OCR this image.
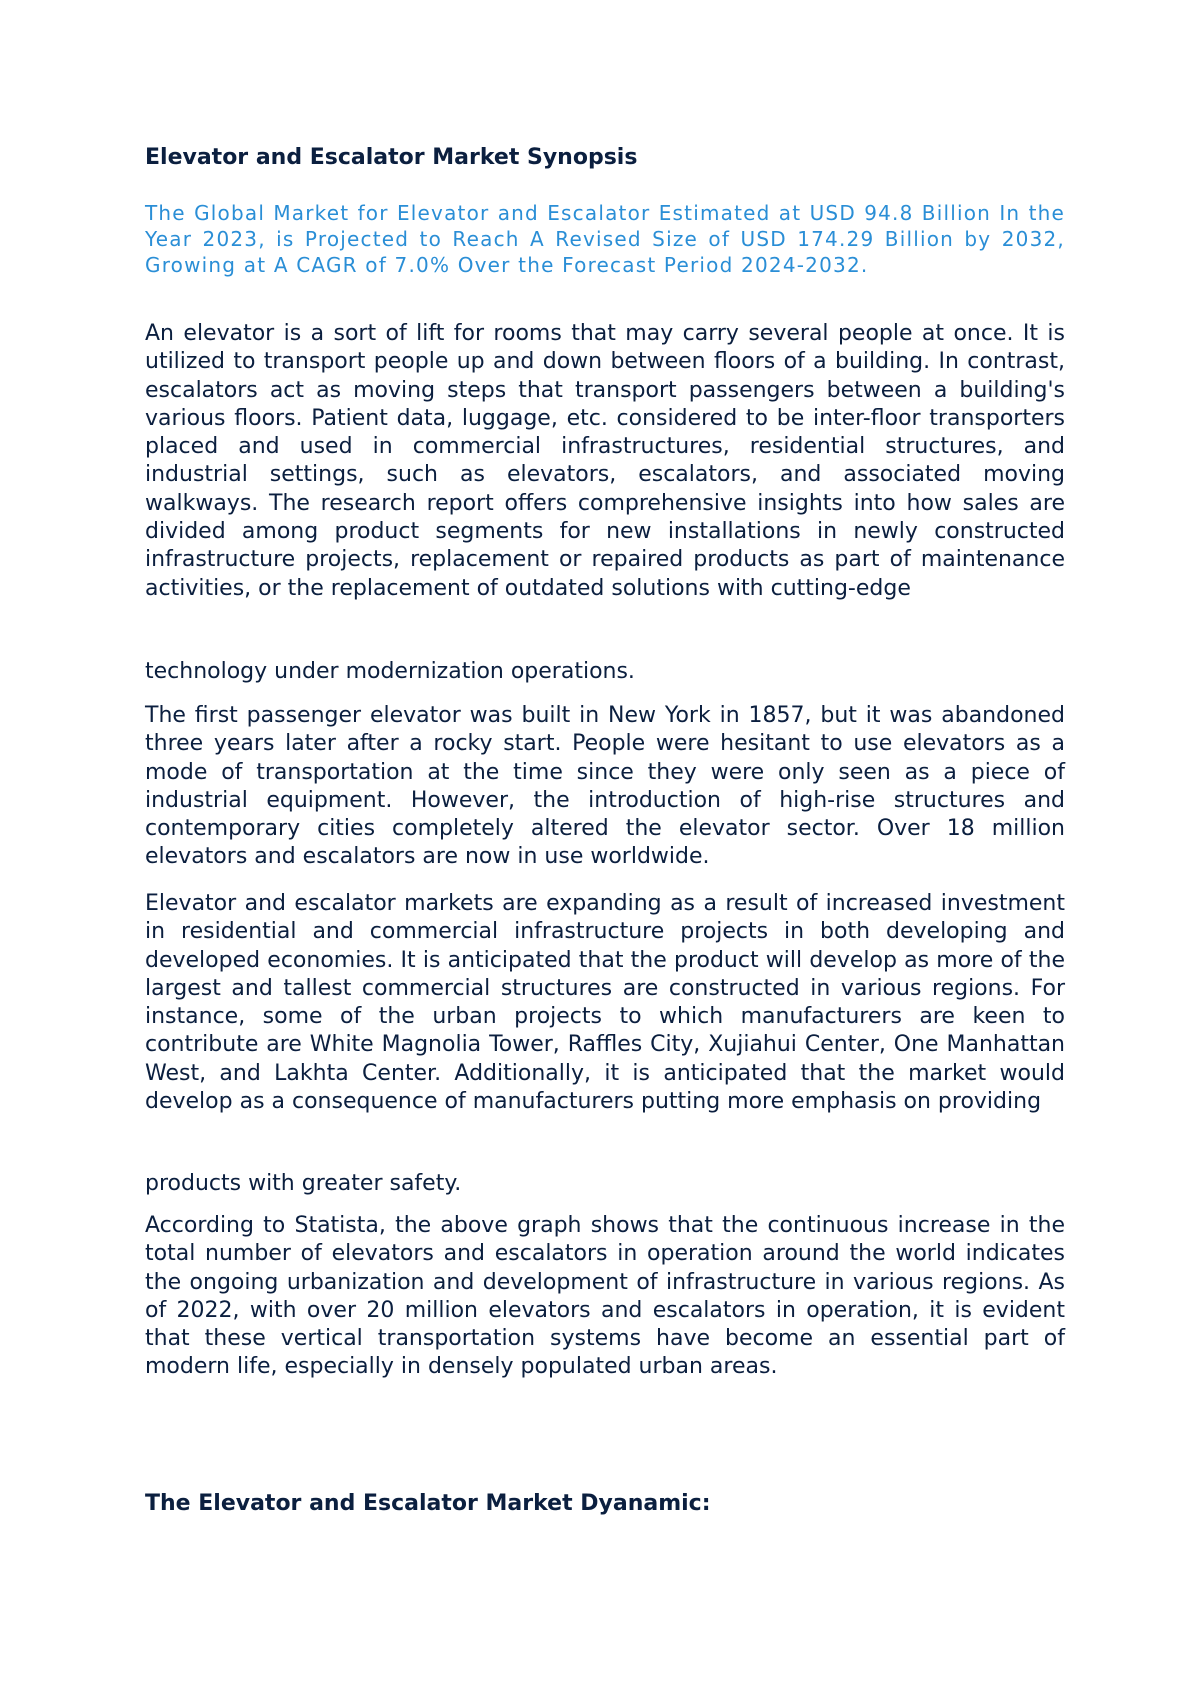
Elevator and Escalator Market Synopsis

The Global Market for Elevator and Escalator Estimated at USD 94.8 Billion In the Year 2023, is Projected to Reach A Revised Size of USD 174.29 Billion by 2032, Growing at A CAGR of 7.0% Over the Forecast Period 2024-2032.

An elevator is a sort of lift for rooms that may carry several people at once. It is utilized to transport people up and down between floors of a building. In contrast, escalators act as moving steps that transport passengers between a building's various floors. Patient data, luggage, etc. considered to be inter-floor transporters placed and used in commercial infrastructures, residential structures, and industrial settings, such as elevators, escalators, and associated moving walkways. The research report offers comprehensive insights into how sales are divided among product segments for new installations in newly constructed infrastructure projects, replacement or repaired products as part of maintenance activities, or the replacement of outdated solutions with cutting-edge

technology under modernization operations.

The first passenger elevator was built in New York in 1857, but it was abandoned three years later after a rocky start. People were hesitant to use elevators as a mode of transportation at the time since they were only seen as a piece of industrial equipment. However, the introduction of high-rise structures and contemporary cities completely altered the elevator sector. Over 18 million elevators and escalators are now in use worldwide.

Elevator and escalator markets are expanding as a result of increased investment in residential and commercial infrastructure projects in both developing and developed economies. It is anticipated that the product will develop as more of the largest and tallest commercial structures are constructed in various regions. For instance, some of the urban projects to which manufacturers are keen to contribute are White Magnolia Tower, Raffles City, Xujiahui Center, One Manhattan West, and Lakhta Center. Additionally, it is anticipated that the market would develop as a consequence of manufacturers putting more emphasis on providing

products with greater safety.

According to Statista, the above graph shows that the continuous increase in the total number of elevators and escalators in operation around the world indicates the ongoing urbanization and development of infrastructure in various regions. As of 2022, with over 20 million elevators and escalators in operation, it is evident that these vertical transportation systems have become an essential part of modern life, especially in densely populated urban areas.

The Elevator and Escalator Market Dyanamic:
